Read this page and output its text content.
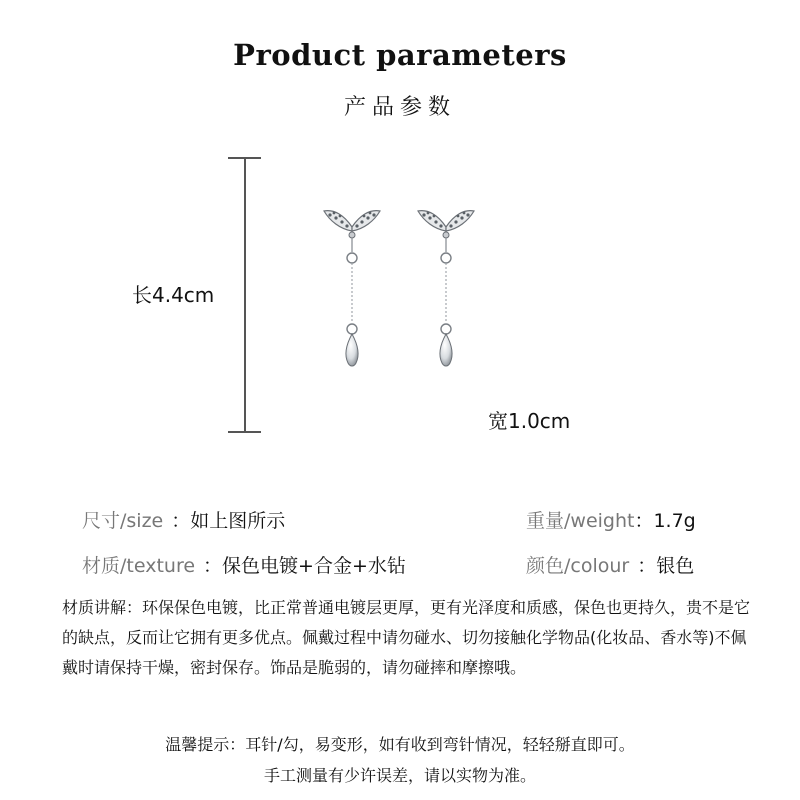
Product parameters
产品参数
长4.4cm
宽1.0cm
尺寸/size ：如上图所示	重量/weight：1.7g
材质/texture ：保色电镀+合金+水钻	颜色/colour ：银色
材质讲解：环保保色电镀，比正常普通电镀层更厚，更有光泽度和质感，保色也更持久，贵不是它的缺点，反而让它拥有更多优点。佩戴过程中请勿碰水、切勿接触化学物品(化妆品、香水等)不佩戴时请保持干燥，密封保存。饰品是脆弱的，请勿碰摔和摩擦哦。
温馨提示：耳针/勾，易变形，如有收到弯针情况，轻轻掰直即可。
手工测量有少许误差，请以实物为准。
